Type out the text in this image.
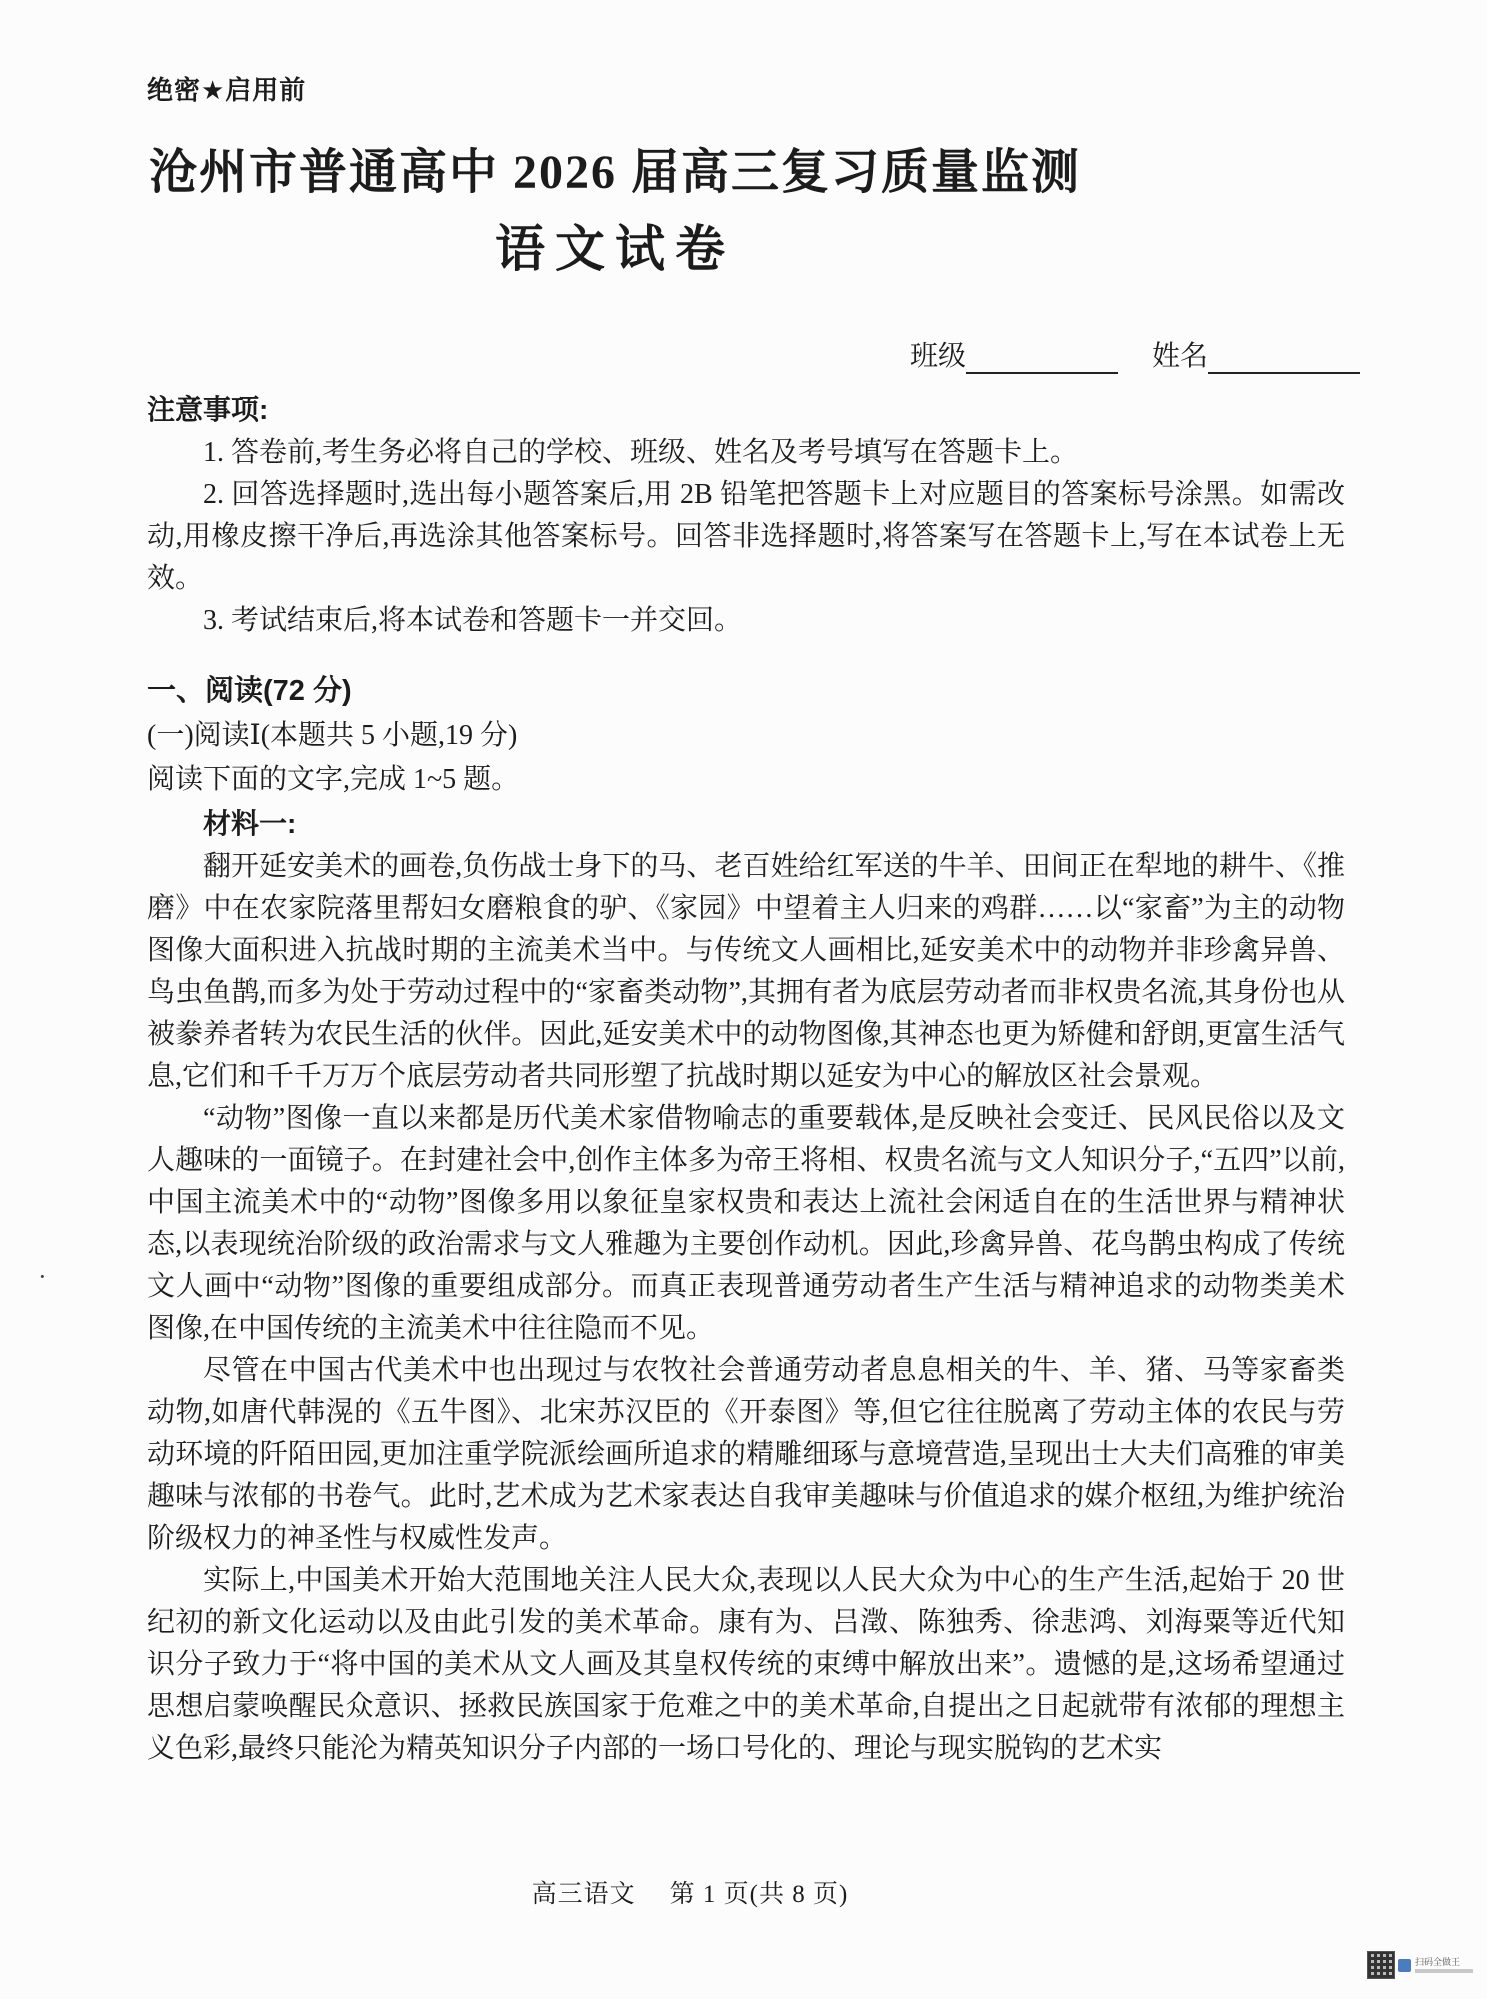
绝密★启用前
沧州市普通高中 2026 届高三复习质量监测
语文试卷
班级	姓名
注意事项:

1. 答卷前,考生务必将自己的学校、班级、姓名及考号填写在答题卡上。

2. 回答选择题时,选出每小题答案后,用 2B 铅笔把答题卡上对应题目的答案标号涂黑。如需改动,用橡皮擦干净后,再选涂其他答案标号。回答非选择题时,将答案写在答题卡上,写在本试卷上无效。

3. 考试结束后,将本试卷和答题卡一并交回。

一、阅读(72 分)

(一)阅读Ⅰ(本题共 5 小题,19 分)

阅读下面的文字,完成 1~5 题。

材料一:

翻开延安美术的画卷,负伤战士身下的马、老百姓给红军送的牛羊、田间正在犁地的耕牛、《推磨》中在农家院落里帮妇女磨粮食的驴、《家园》中望着主人归来的鸡群……以“家畜”为主的动物图像大面积进入抗战时期的主流美术当中。与传统文人画相比,延安美术中的动物并非珍禽异兽、鸟虫鱼鹊,而多为处于劳动过程中的“家畜类动物”,其拥有者为底层劳动者而非权贵名流,其身份也从被豢养者转为农民生活的伙伴。因此,延安美术中的动物图像,其神态也更为矫健和舒朗,更富生活气息,它们和千千万万个底层劳动者共同形塑了抗战时期以延安为中心的解放区社会景观。

“动物”图像一直以来都是历代美术家借物喻志的重要载体,是反映社会变迁、民风民俗以及文人趣味的一面镜子。在封建社会中,创作主体多为帝王将相、权贵名流与文人知识分子,“五四”以前,中国主流美术中的“动物”图像多用以象征皇家权贵和表达上流社会闲适自在的生活世界与精神状态,以表现统治阶级的政治需求与文人雅趣为主要创作动机。因此,珍禽异兽、花鸟鹊虫构成了传统文人画中“动物”图像的重要组成部分。而真正表现普通劳动者生产生活与精神追求的动物类美术图像,在中国传统的主流美术中往往隐而不见。

尽管在中国古代美术中也出现过与农牧社会普通劳动者息息相关的牛、羊、猪、马等家畜类动物,如唐代韩滉的《五牛图》、北宋苏汉臣的《开泰图》等,但它往往脱离了劳动主体的农民与劳动环境的阡陌田园,更加注重学院派绘画所追求的精雕细琢与意境营造,呈现出士大夫们高雅的审美趣味与浓郁的书卷气。此时,艺术成为艺术家表达自我审美趣味与价值追求的媒介枢纽,为维护统治阶级权力的神圣性与权威性发声。

实际上,中国美术开始大范围地关注人民大众,表现以人民大众为中心的生产生活,起始于 20 世纪初的新文化运动以及由此引发的美术革命。康有为、吕澂、陈独秀、徐悲鸿、刘海粟等近代知识分子致力于“将中国的美术从文人画及其皇权传统的束缚中解放出来”。遗憾的是,这场希望通过思想启蒙唤醒民众意识、拯救民族国家于危难之中的美术革命,自提出之日起就带有浓郁的理想主义色彩,最终只能沦为精英知识分子内部的一场口号化的、理论与现实脱钩的艺术实

高三语文 第 1 页(共 8 页)
·
扫码全做王
